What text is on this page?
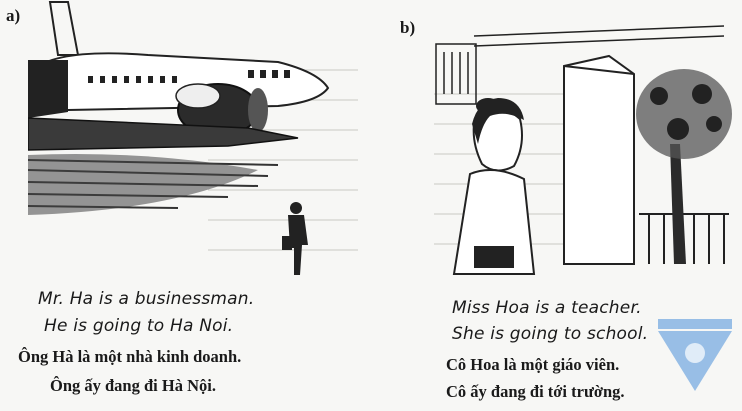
a)
Mr. Ha is a businessman.
He is going to Ha Noi.
Ông Hà là một nhà kinh doanh.
Ông ấy đang đi Hà Nội.
b)
Miss Hoa is a teacher.
She is going to school.
Cô Hoa là một giáo viên.
Cô ấy đang đi tới trường.
